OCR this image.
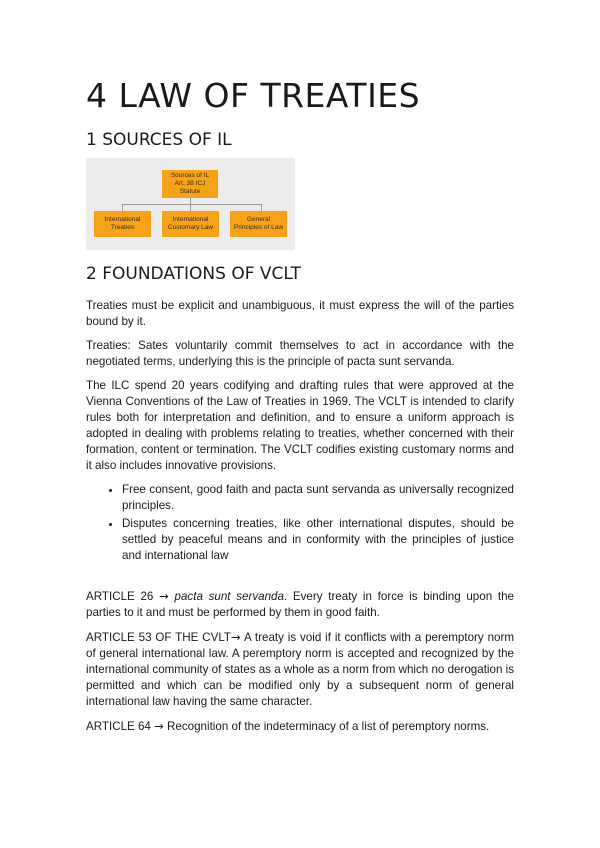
4 LAW OF TREATIES
1 SOURCES OF IL
Sources of IL
Art. 38 ICJ
Statute
International
Treaties
International
Customary Law
General
Principles of Law
2 FOUNDATIONS OF VCLT

Treaties must be explicit and unambiguous, it must express the will of the parties bound by it.

Treaties: Sates voluntarily commit themselves to act in accordance with the negotiated terms, underlying this is the principle of pacta sunt servanda.

The ILC spend 20 years codifying and drafting rules that were approved at the Vienna Conventions of the Law of Treaties in 1969. The VCLT is intended to clarify rules both for interpretation and definition, and to ensure a uniform approach is adopted in dealing with problems relating to treaties, whether concerned with their formation, content or termination. The VCLT codifies existing customary norms and it also includes innovative provisions.

• Free consent, good faith and pacta sunt servanda as universally recognized principles.
• Disputes concerning treaties, like other international disputes, should be settled by peaceful means and in conformity with the principles of justice and international law

ARTICLE 26 → pacta sunt servanda. Every treaty in force is binding upon the parties to it and must be performed by them in good faith.

ARTICLE 53 OF THE CVLT→ A treaty is void if it conflicts with a peremptory norm of general international law. A peremptory norm is accepted and recognized by the international community of states as a whole as a norm from which no derogation is permitted and which can be modified only by a subsequent norm of general international law having the same character.

ARTICLE 64 → Recognition of the indeterminacy of a list of peremptory norms.
